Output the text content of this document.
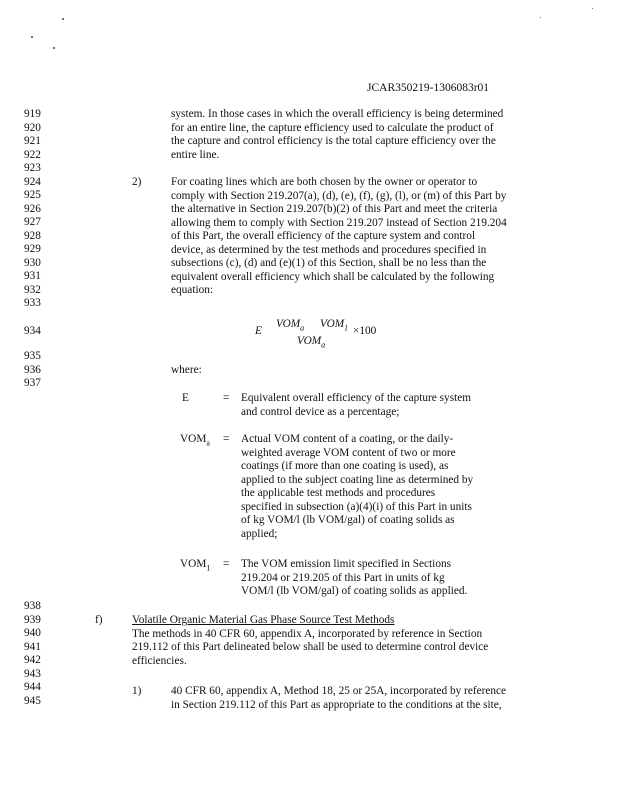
JCAR350219-1306083r01
919
920
921
922
923
924
925
926
927
928
929
930
931
932
933
934
935
936
937
938
939
940
941
942
943
944
945
system. In those cases in which the overall efficiency is being determined
for an entire line, the capture efficiency used to calculate the product of
the capture and control efficiency is the total capture efficiency over the
entire line.
2)	For coating lines which are both chosen by the owner or operator to
comply with Section 219.207(a), (d), (e), (f), (g), (l), or (m) of this Part by
the alternative in Section 219.207(b)(2) of this Part and meet the criteria
allowing them to comply with Section 219.207 instead of Section 219.204
of this Part, the overall efficiency of the capture system and control
device, as determined by the test methods and procedures specified in
subsections (c), (d) and (e)(1) of this Section, shall be no less than the
equivalent overall efficiency which shall be calculated by the following
equation:
E
$VOM_a$ $VOM_1$
$VOM_a$
×100
where:
E	= Equivalent overall efficiency of the capture system
and control device as a percentage;
$VOM_a$ = Actual VOM content of a coating, or the daily-
weighted average VOM content of two or more
coatings (if more than one coating is used), as
applied to the subject coating line as determined by
the applicable test methods and procedures
specified in subsection (a)(4)(i) of this Part in units
of kg VOM/l (lb VOM/gal) of coating solids as
applied;
$VOM_1$ = The VOM emission limit specified in Sections
219.204 or 219.205 of this Part in units of kg
VOM/l (lb VOM/gal) of coating solids as applied.
f)	Volatile Organic Material Gas Phase Source Test Methods
The methods in 40 CFR 60, appendix A, incorporated by reference in Section
219.112 of this Part delineated below shall be used to determine control device
efficiencies.
1)	40 CFR 60, appendix A, Method 18, 25 or 25A, incorporated by reference
in Section 219.112 of this Part as appropriate to the conditions at the site,
